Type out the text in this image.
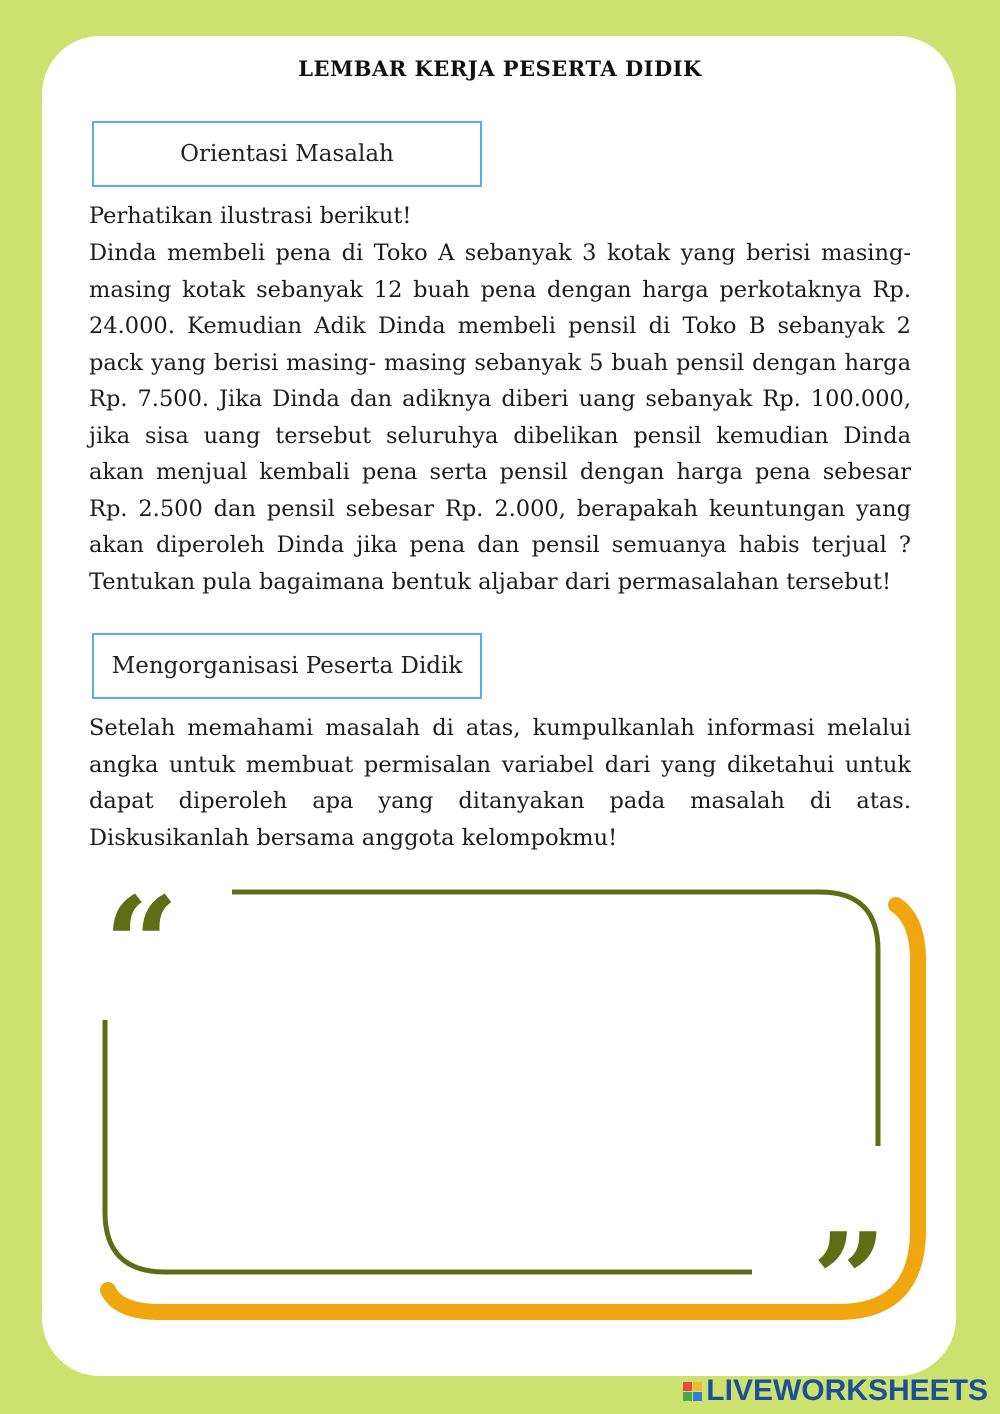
LEMBAR KERJA PESERTA DIDIK
Orientasi Masalah

Perhatikan ilustrasi berikut!

Dinda membeli pena di Toko A sebanyak 3 kotak yang berisi masing-masing kotak sebanyak 12 buah pena dengan harga perkotaknya Rp. 24.000. Kemudian Adik Dinda membeli pensil di Toko B sebanyak 2 pack yang berisi masing- masing sebanyak 5 buah pensil dengan harga Rp. 7.500. Jika Dinda dan adiknya diberi uang sebanyak Rp. 100.000, jika sisa uang tersebut seluruhya dibelikan pensil kemudian Dinda akan menjual kembali pena serta pensil dengan harga pena sebesar Rp. 2.500 dan pensil sebesar Rp. 2.000, berapakah keuntungan yang akan diperoleh Dinda jika pena dan pensil semuanya habis terjual ? Tentukan pula bagaimana bentuk aljabar dari permasalahan tersebut!

Mengorganisasi Peserta Didik

Setelah memahami masalah di atas, kumpulkanlah informasi melalui angka untuk membuat permisalan variabel dari yang diketahui untuk dapat diperoleh apa yang ditanyakan pada masalah di atas. Diskusikanlah bersama anggota kelompokmu!

“
”
LIVEWORKSHEETS
